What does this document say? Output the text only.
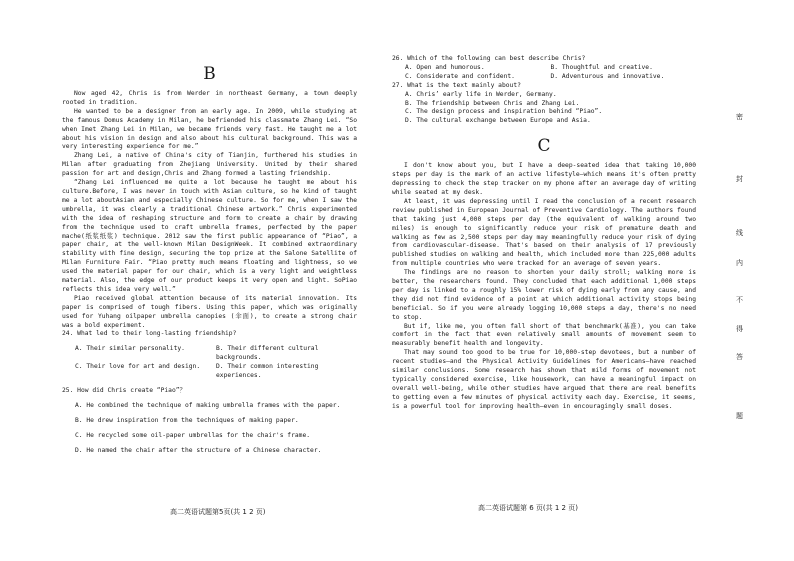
B

Now aged 42, Chris is from Werder in northeast Germany, a town deeply rooted in tradition.

He wanted to be a designer from an early age. In 2009, while studying at the famous Domus Academy in Milan, he befriended his classmate Zhang Lei. “So when Imet Zhang Lei in Milan, we became friends very fast. He taught me a lot about his vision in design and also about his cultural background. This was a very interesting experience for me.”

Zhang Lei, a native of China's city of Tianjin, furthered his studies in Milan after graduating from Zhejiang University. United by their shared passion for art and design,Chris and Zhang formed a lasting friendship.

“Zhang Lei influenced me quite a lot because he taught me about his culture.Before, I was never in touch with Asian culture, so he kind of taught me a lot aboutAsian and especially Chinese culture. So for me, when I saw the umbrella, it was clearly a traditional Chinese artwork.” Chris experimented with the idea of reshaping structure and form to create a chair by drawing from the technique used to craft umbrella frames, perfected by the paper mache(纸浆纸浆) technique. 2012 saw the first public appearance of “Piao”, a paper chair, at the well-known Milan DesignWeek. It combined extraordinary stability with fine design, securing the top prize at the Salone Satellite of Milan Furniture Fair. “Piao pretty much means floating and lightness, so we used the material paper for our chair, which is a very light and weightless material. Also, the edge of our product keeps it very open and light. SoPiao reflects this idea very well.”

Piao received global attention because of its material innovation. Its paper is comprised of tough fibers. Using this paper, which was originally used for Yuhang oilpaper umbrella canopies (伞面), to create a strong chair was a bold experiment.

24. What led to their long-lasting friendship?

A. Their similar personality.	B. Their different cultural backgrounds.
C. Their love for art and design.	D. Their common interesting experiences.

25. How did Chris create “Piao”？

A. He combined the technique of making umbrella frames with the paper.
B. He drew inspiration from the techniques of making paper.
C. He recycled some oil-paper umbrellas for the chair's frame.
D. He named the chair after the structure of a Chinese character.
高二英语试题第5页(共 1 2 页)

26. Which of the following can best describe Chris?

A. Open and humorous.	B. Thoughtful and creative.
C. Considerate and confident.	D. Adventurous and innovative.

27. What is the text mainly about?

A. Chris’ early life in Werder, Germany.
B. The friendship between Chris and Zhang Lei.
C. The design process and inspiration behind “Piao”.
D. The cultural exchange between Europe and Asia.

C

I don't know about you, but I have a deep-seated idea that taking 10,000 steps per day is the mark of an active lifestyle—which means it's often pretty depressing to check the step tracker on my phone after an average day of writing while seated at my desk.

At least, it was depressing until I read the conclusion of a recent research review published in European Journal of Preventive Cardiology. The authors found that taking just 4,000 steps per day (the equivalent of walking around two miles) is enough to significantly reduce your risk of premature death and walking as few as 2,500 steps per day may meaningfully reduce your risk of dying from cardiovascular-disease. That's based on their analysis of 17 previously published studies on walking and health, which included more than 225,000 adults from multiple countries who were tracked for an average of seven years.

The findings are no reason to shorten your daily stroll; walking more is better, the researchers found. They concluded that each additional 1,000 steps per day is linked to a roughly 15% lower risk of dying early from any cause, and they did not find evidence of a point at which additional activity stops being beneficial. So if you were already logging 10,000 steps a day, there's no need to stop.

But if, like me, you often fall short of that benchmark(基准), you can take comfort in the fact that even relatively small amounts of movement seem to measurably benefit health and longevity.

That may sound too good to be true for 10,000-step devotees, but a number of recent studies—and the Physical Activity Guidelines for Americans—have reached similar conclusions. Some research has shown that mild forms of movement not typically considered exercise, like housework, can have a meaningful impact on overall well-being, while other studies have argued that there are real benefits to getting even a few minutes of physical activity each day. Exercise, it seems, is a powerful tool for improving health—even in encouragingly small doses.

高二英语试题第 6 页(共 1 2 页)
密
封
线
内
不
得
答
题
